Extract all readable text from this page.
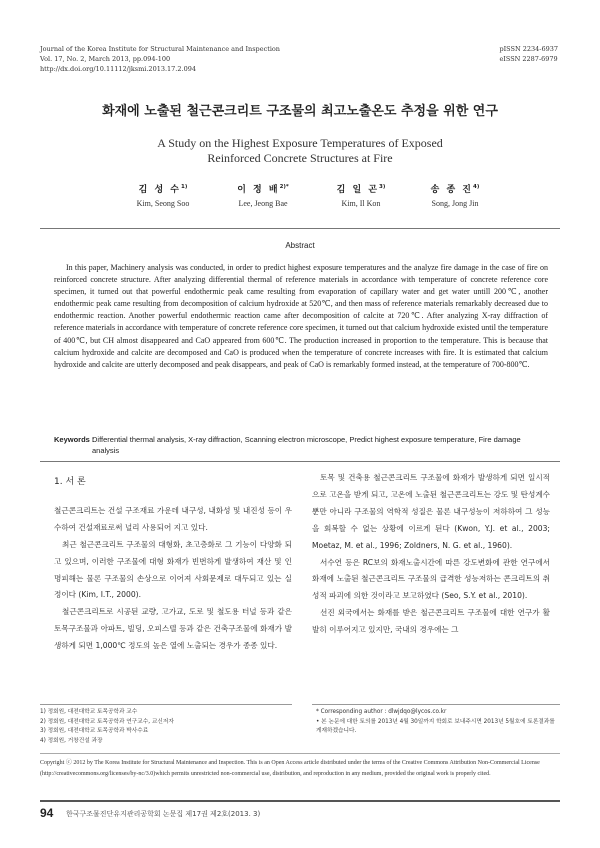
Journal of the Korea Institute for Structural Maintenance and Inspection
Vol. 17, No. 2, March 2013, pp.094-100
http://dx.doi.org/10.11112/jksmi.2013.17.2.094
pISSN 2234-6937
eISSN 2287-6979
화재에 노출된 철근콘크리트 구조물의 최고노출온도 추정을 위한 연구
A Study on the Highest Exposure Temperatures of Exposed
Reinforced Concrete Structures at Fire
김 성 수$^{1)}$
Kim, Seong Soo
이 정 배$^{2)*}$
Lee, Jeong Bae
김 일 곤$^{3)}$
Kim, Il Kon
송 종 진$^{4)}$
Song, Jong Jin
Abstract
In this paper, Machinery analysis was conducted, in order to predict highest exposure temperatures and the analyze fire damage in the case of fire on reinforced concrete structure. After analyzing differential thermal of reference materials in accordance with temperature of concrete reference core specimen, it turned out that powerful endothermic peak came resulting from evaporation of capillary water and get water untill 200℃, another endothermic peak came resulting from decomposition of calcium hydroxide at 520℃, and then mass of reference materials remarkably decreased due to endothermic reaction. Another powerful endothermic reaction came after decomposition of calcite at 720℃. After analyzing X-ray diffraction of reference materials in accordance with temperature of concrete reference core specimen, it turned out that calcium hydroxide existed until the temperature of 400℃, but CH almost disappeared and CaO appeared from 600℃. The production increased in proportion to the temperature. This is because that calcium hydroxide and calcite are decomposed and CaO is produced when the temperature of concrete increases with fire. It is estimated that calcium hydroxide and calcite are utterly decomposed and peak disappears, and peak of CaO is remarkably formed instead, at the temperature of 700-800℃.
Keywords :
Differential thermal analysis, X-ray diffraction, Scanning electron microscope, Predict highest exposure temperature, Fire damage analysis
1. 서 론

철근콘크리트는 건설 구조재료 가운데 내구성, 내화성 및 내진성 등이 우수하여 건설재료로써 널리 사용되어 지고 있다.

최근 철근콘크리트 구조물의 대형화, 초고층화로 그 기능이 다양화 되고 있으며, 이러한 구조물에 대형 화재가 빈번하게 발생하여 재산 및 인명피해는 물론 구조물의 손상으로 이어져 사회문제로 대두되고 있는 실정이다 (Kim, I.T., 2000).

철근콘크리트로 시공된 교량, 고가교, 도로 및 철도용 터널 등과 같은 토목구조물과 아파트, 빌딩, 오피스텔 등과 같은 건축구조물에 화재가 발생하게 되면 1,000℃ 정도의 높은 열에 노출되는 경우가 종종 있다.

토목 및 건축용 철근콘크리트 구조물에 화재가 발생하게 되면 일시적으로 고온을 받게 되고, 고온에 노출된 철근콘크리트는 강도 및 탄성계수뿐만 아니라 구조물의 역학적 성질은 물론 내구성능이 저하하여 그 성능을 회복할 수 없는 상황에 이르게 된다 (Kwon, Y.J. et al., 2003; Moetaz, M. et al., 1996; Zoldners, N. G. et al., 1960).

서수연 등은 RC보의 화재노출시간에 따른 강도변화에 관한 연구에서 화재에 노출된 철근콘크리트 구조물의 급격한 성능저하는 콘크리트의 취성적 파괴에 의한 것이라고 보고하였다 (Seo, S.Y. et al., 2010).

선진 외국에서는 화재를 받은 철근콘크리트 구조물에 대한 연구가 활발히 이루어지고 있지만, 국내의 경우에는 그

1) 정회원, 대전대학교 토목공학과 교수
2) 정회원, 대전대학교 토목공학과 연구교수, 교신저자
3) 정회원, 대전대학교 토목공학과 박사수료
4) 정회원, 거창건설 과장
* Corresponding author : dlwjdqo@lycos.co.kr
• 본 논문에 대한 토의를 2013년 4월 30일까지 학회로 보내주시면 2013년 5월호에 토론결과를 게재하겠습니다.
Copyright ⓒ 2012 by The Korea Institute for Structural Maintenance and Inspection. This is an Open Access article distributed under the terms of the Creative Commons Attribution Non-Commercial License (http://creativecommons.org/licenses/by-nc/3.0)which permits unrestricted non-commercial use, distribution, and reproduction in any medium, provided the original work is properly cited.
94 한국구조물진단유지관리공학회 논문집 제17권 제2호(2013. 3)
